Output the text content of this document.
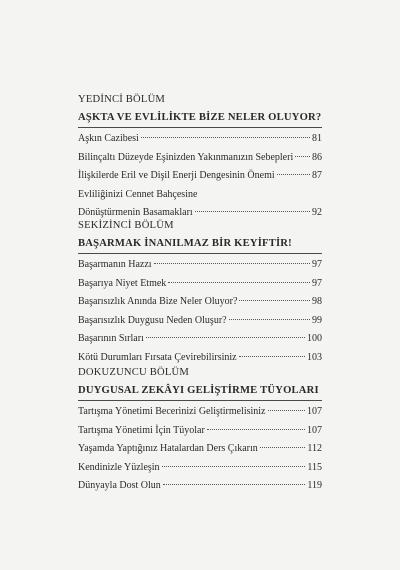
YEDİNCİ BÖLÜM
AŞKTA VE EVLİLİKTE BİZE NELER OLUYOR?
Aşkın Cazibesi	81
Bilinçaltı Düzeyde Eşinizden Yakınmanızın Sebepleri 86
İlişkilerde Eril ve Dişil Enerji Dengesinin Önemi	87
Evliliğinizi Cennet Bahçesine
Dönüştürmenin Basamakları	92
SEKİZİNCİ BÖLÜM
BAŞARMAK İNANILMAZ BİR KEYİFTİR!
Başarmanın Hazzı	97
Başarıya Niyet Etmek	97
Başarısızlık Anında Bize Neler Oluyor?	98
Başarısızlık Duygusu Neden Oluşur?	99
Başarının Sırları	100
Kötü Durumları Fırsata Çevirebilirsiniz	103
DOKUZUNCU BÖLÜM
DUYGUSAL ZEKÂYI GELİŞTİRME TÜYOLARI
Tartışma Yönetimi Becerinizi Geliştirmelisiniz	107
Tartışma Yönetimi İçin Tüyolar	107
Yaşamda Yaptığınız Hatalardan Ders Çıkarın	112
Kendinizle Yüzleşin	115
Dünyayla Dost Olun	119
